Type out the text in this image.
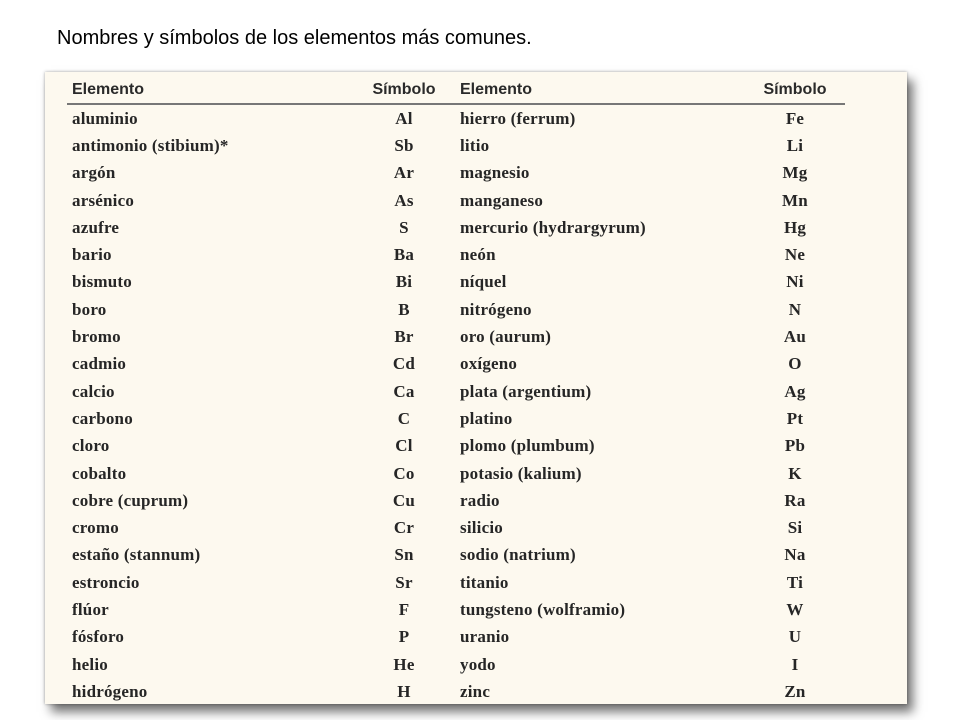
Nombres y símbolos de los elementos más comunes.
Elemento	Símbolo	Elemento	Símbolo
aluminio	Al	hierro (ferrum)	Fe
antimonio (stibium)*	Sb	litio	Li
argón	Ar	magnesio	Mg
arsénico	As	manganeso	Mn
azufre	S	mercurio (hydrargyrum)	Hg
bario	Ba	neón	Ne
bismuto	Bi	níquel	Ni
boro	B	nitrógeno	N
bromo	Br	oro (aurum)	Au
cadmio	Cd	oxígeno	O
calcio	Ca	plata (argentium)	Ag
carbono	C	platino	Pt
cloro	Cl	plomo (plumbum)	Pb
cobalto	Co	potasio (kalium)	K
cobre (cuprum)	Cu	radio	Ra
cromo	Cr	silicio	Si
estaño (stannum)	Sn	sodio (natrium)	Na
estroncio	Sr	titanio	Ti
flúor	F	tungsteno (wolframio)	W
fósforo	P	uranio	U
helio	He	yodo	I
hidrógeno	H	zinc	Zn
